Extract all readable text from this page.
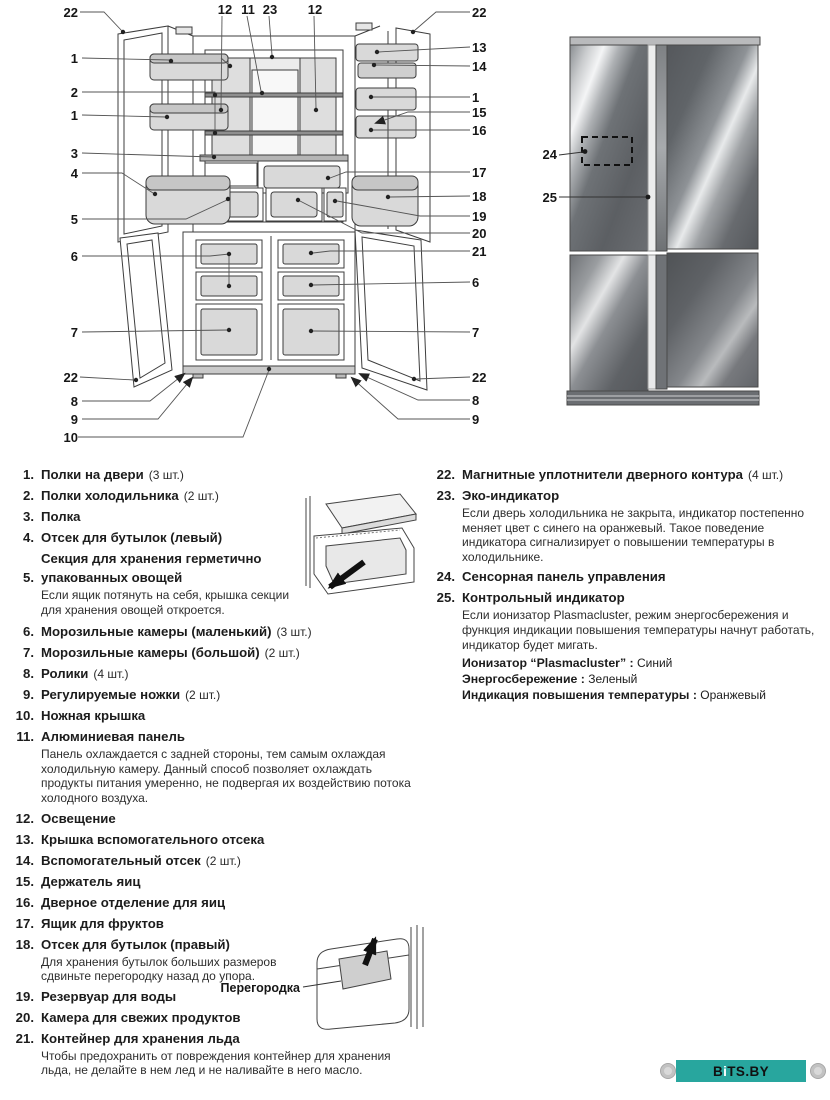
22
1
2
1
3
4
5
6
7
22
8
9
10
12 11 23 12	22
13
14
1
15
16
17
18
19
20
21
6
7
22
8
9
24
25
1. Полки на двери (3 шт.)
2. Полки холодильника (2 шт.)
3. Полка
4. Отсек для бутылок (левый)
5.
Секция для хранения герметично упакованных овощей
Если ящик потянуть на себя, крышка секции для хранения овощей откроется.
6. Морозильные камеры (маленький) (3 шт.)
7. Морозильные камеры (большой) (2 шт.)
8. Ролики (4 шт.)
9. Регулируемые ножки (2 шт.)
10. Ножная крышка
11. Алюминиевая панель
Панель охлаждается с задней стороны, тем самым охлаждая холодильную камеру. Данный способ позволяет охлаждать продукты питания умеренно, не подвергая их воздействию потока холодного воздуха.
12. Освещение
13. Крышка вспомогательного отсека
14. Вспомогательный отсек (2 шт.)
15. Держатель яиц
16. Дверное отделение для яиц
17. Ящик для фруктов
18. Отсек для бутылок (правый)
Для хранения бутылок больших размеров сдвиньте перегородку назад до упора.
19. Резервуар для воды
20. Камера для свежих продуктов
21. Контейнер для хранения льда
Чтобы предохранить от повреждения контейнер для хранения льда, не делайте в нем лед и не наливайте в него масло.
22. Магнитные уплотнители дверного контура (4 шт.)
23. Эко-индикатор
Если дверь холодильника не закрыта, индикатор постепенно меняет цвет с синего на оранжевый. Такое поведение индикатора сигнализирует о повышении температуры в холодильнике.
24. Сенсорная панель управления
25. Контрольный индикатор
Если ионизатор Plasmacluster, режим энергосбережения и функция индикации повышения температуры начнут работать, индикатор будет мигать.
Ионизатор “Plasmacluster” : Синий
Энергосбережение : Зеленый
Индикация повышения температуры : Оранжевый
Перегородка
B i TS.BY
